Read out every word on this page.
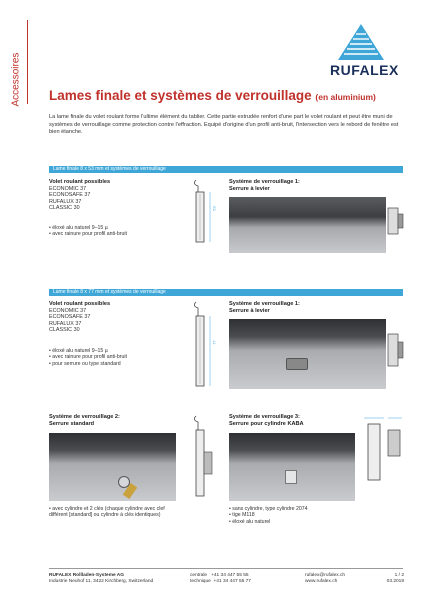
Accessoires	RUFALEX
Lames finale et systèmes de verrouillage (en aluminium)
La lame finale du volet roulant forme l'ultime élément du tablier. Cette partie extrudée renfort d'une part le volet roulant et peut être muni de systèmes de verrouillage comme protection contre l'effraction. Equipé d'origine d'un profil anti-bruit, l'intersection vers le rebord de fenêtre est bien étanche.
Lame finale 8 x 53 mm et systèmes de verrouillage
Volet roulant possibles
ECONOMIC 37
ECONOSAFE 37
RUFALUX 37
CLASSIC 30
• éloxé alu naturel 9–15 µ
• avec rainure pour profil anti-bruit
53
Système de verrouillage 1:
Serrure à levier
Lame finale 8 x 77 mm et systèmes de verrouillage
Volet roulant possibles
ECONOMIC 37
ECONOSAFE 37
RUFALUX 37
CLASSIC 30
• éloxé alu naturel 9–15 µ
• avec rainure pour profil anti-bruit
• pour serrure ou type standard
77
Système de verrouillage 1:
Serrure à levier
Système de verrouillage 2:
Serrure standard
• avec cylindre et 2 clés (chaque cylindre avec clef différent [standard] ou cylindre à clés identiques)
Système de verrouillage 3:
Serrure pour cylindre KABA
• sans cylindre, type cylindre 2074
• tige M118
• éloxé alu naturel
RUFALEX Rollladen-Systeme AG
Industrie Neuhof 11, 3422 Kirchberg, Switzerland
centrale +41 34 447 55 55
technique +41 34 447 55 77
rufalex@rufalex.ch
www.rufalex.ch
1 / 2
03.2019
